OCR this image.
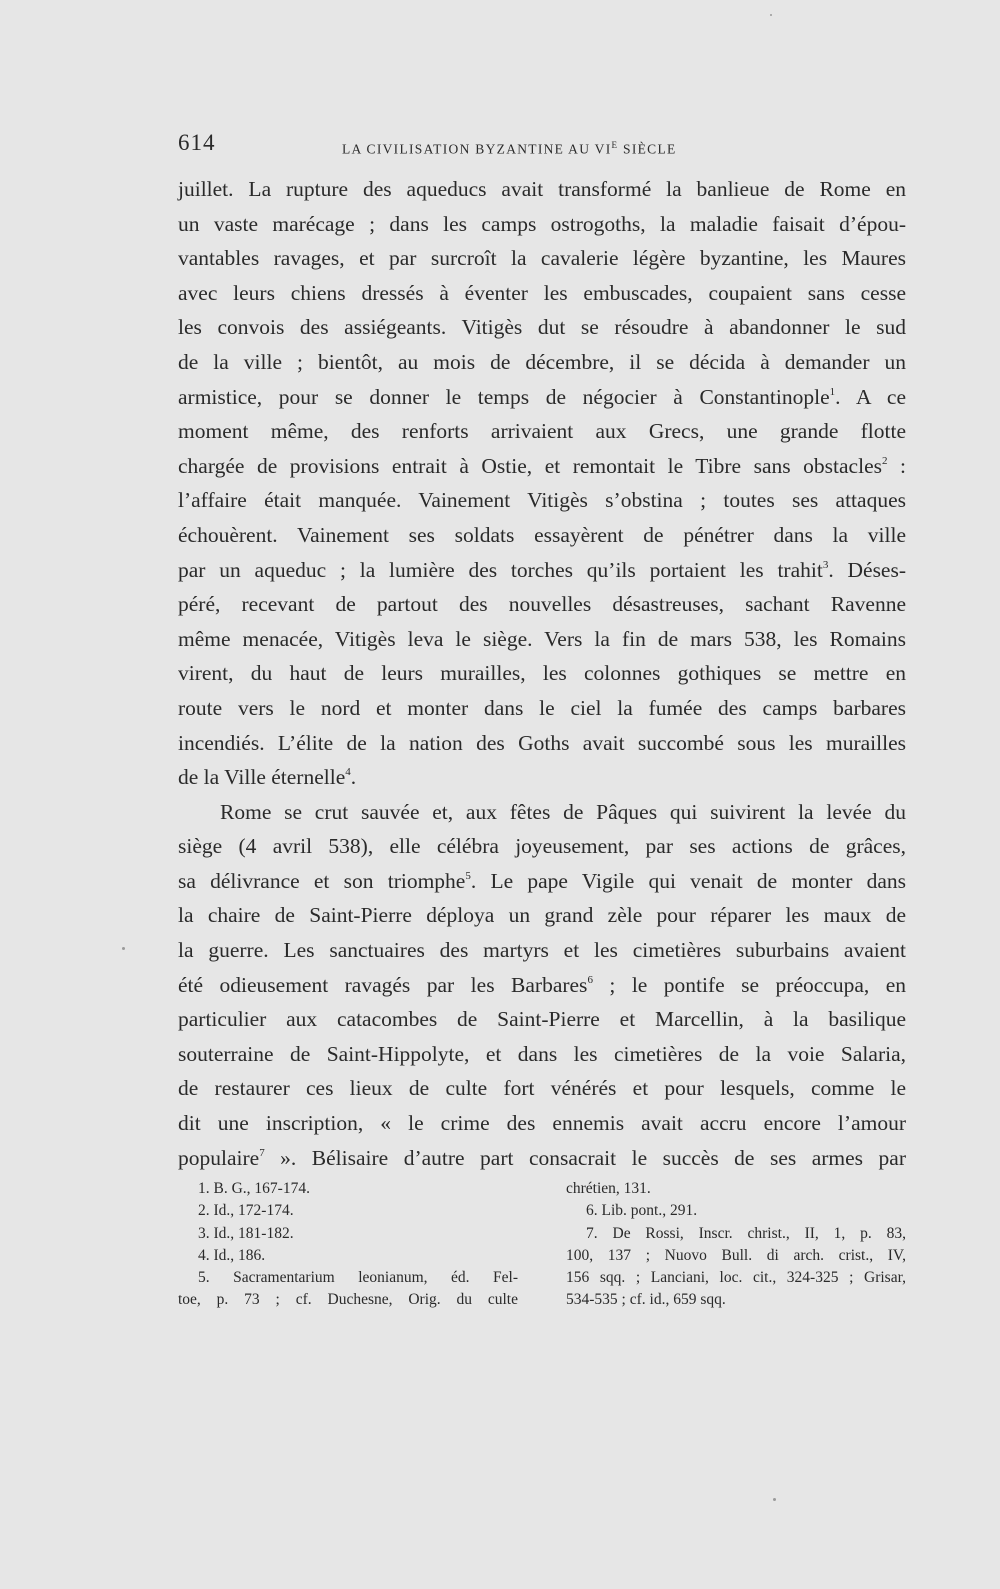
614	LA CIVILISATION BYZANTINE AU $VI^E$ SIÈCLE
juillet. La rupture des aqueducs avait transformé la banlieue de Rome en
un vaste marécage ; dans les camps ostrogoths, la maladie faisait d’épou-
vantables ravages, et par surcroît la cavalerie légère byzantine, les Maures
avec leurs chiens dressés à éventer les embuscades, coupaient sans cesse
les convois des assiégeants. Vitigès dut se résoudre à abandonner le sud
de la ville ; bientôt, au mois de décembre, il se décida à demander un
armistice, pour se donner le temps de négocier à Constantinople$^1$. A ce
moment même, des renforts arrivaient aux Grecs, une grande flotte
chargée de provisions entrait à Ostie, et remontait le Tibre sans obstacles$^2$ :
l’affaire était manquée. Vainement Vitigès s’obstina ; toutes ses attaques
échouèrent. Vainement ses soldats essayèrent de pénétrer dans la ville
par un aqueduc ; la lumière des torches qu’ils portaient les trahit$^3$. Déses-
péré, recevant de partout des nouvelles désastreuses, sachant Ravenne
même menacée, Vitigès leva le siège. Vers la fin de mars 538, les Romains
virent, du haut de leurs murailles, les colonnes gothiques se mettre en
route vers le nord et monter dans le ciel la fumée des camps barbares
incendiés. L’élite de la nation des Goths avait succombé sous les murailles
de la Ville éternelle$^4$.
Rome se crut sauvée et, aux fêtes de Pâques qui suivirent la levée du
siège (4 avril 538), elle célébra joyeusement, par ses actions de grâces,
sa délivrance et son triomphe$^5$. Le pape Vigile qui venait de monter dans
la chaire de Saint-Pierre déploya un grand zèle pour réparer les maux de
la guerre. Les sanctuaires des martyrs et les cimetières suburbains avaient
été odieusement ravagés par les Barbares$^6$ ; le pontife se préoccupa, en
particulier aux catacombes de Saint-Pierre et Marcellin, à la basilique
souterraine de Saint-Hippolyte, et dans les cimetières de la voie Salaria,
de restaurer ces lieux de culte fort vénérés et pour lesquels, comme le
dit une inscription, « le crime des ennemis avait accru encore l’amour
populaire$^7$ ». Bélisaire d’autre part consacrait le succès de ses armes par
1. B. G., 167-174.
2. Id., 172-174.
3. Id., 181-182.
4. Id., 186.
5. Sacramentarium leonianum, éd. Fel-
toe, p. 73 ; cf. Duchesne, Orig. du culte
chrétien, 131.
6. Lib. pont., 291.
7. De Rossi, Inscr. christ., II, 1, p. 83,
100, 137 ; Nuovo Bull. di arch. crist., IV,
156 sqq. ; Lanciani, loc. cit., 324-325 ; Grisar,
534-535 ; cf. id., 659 sqq.
